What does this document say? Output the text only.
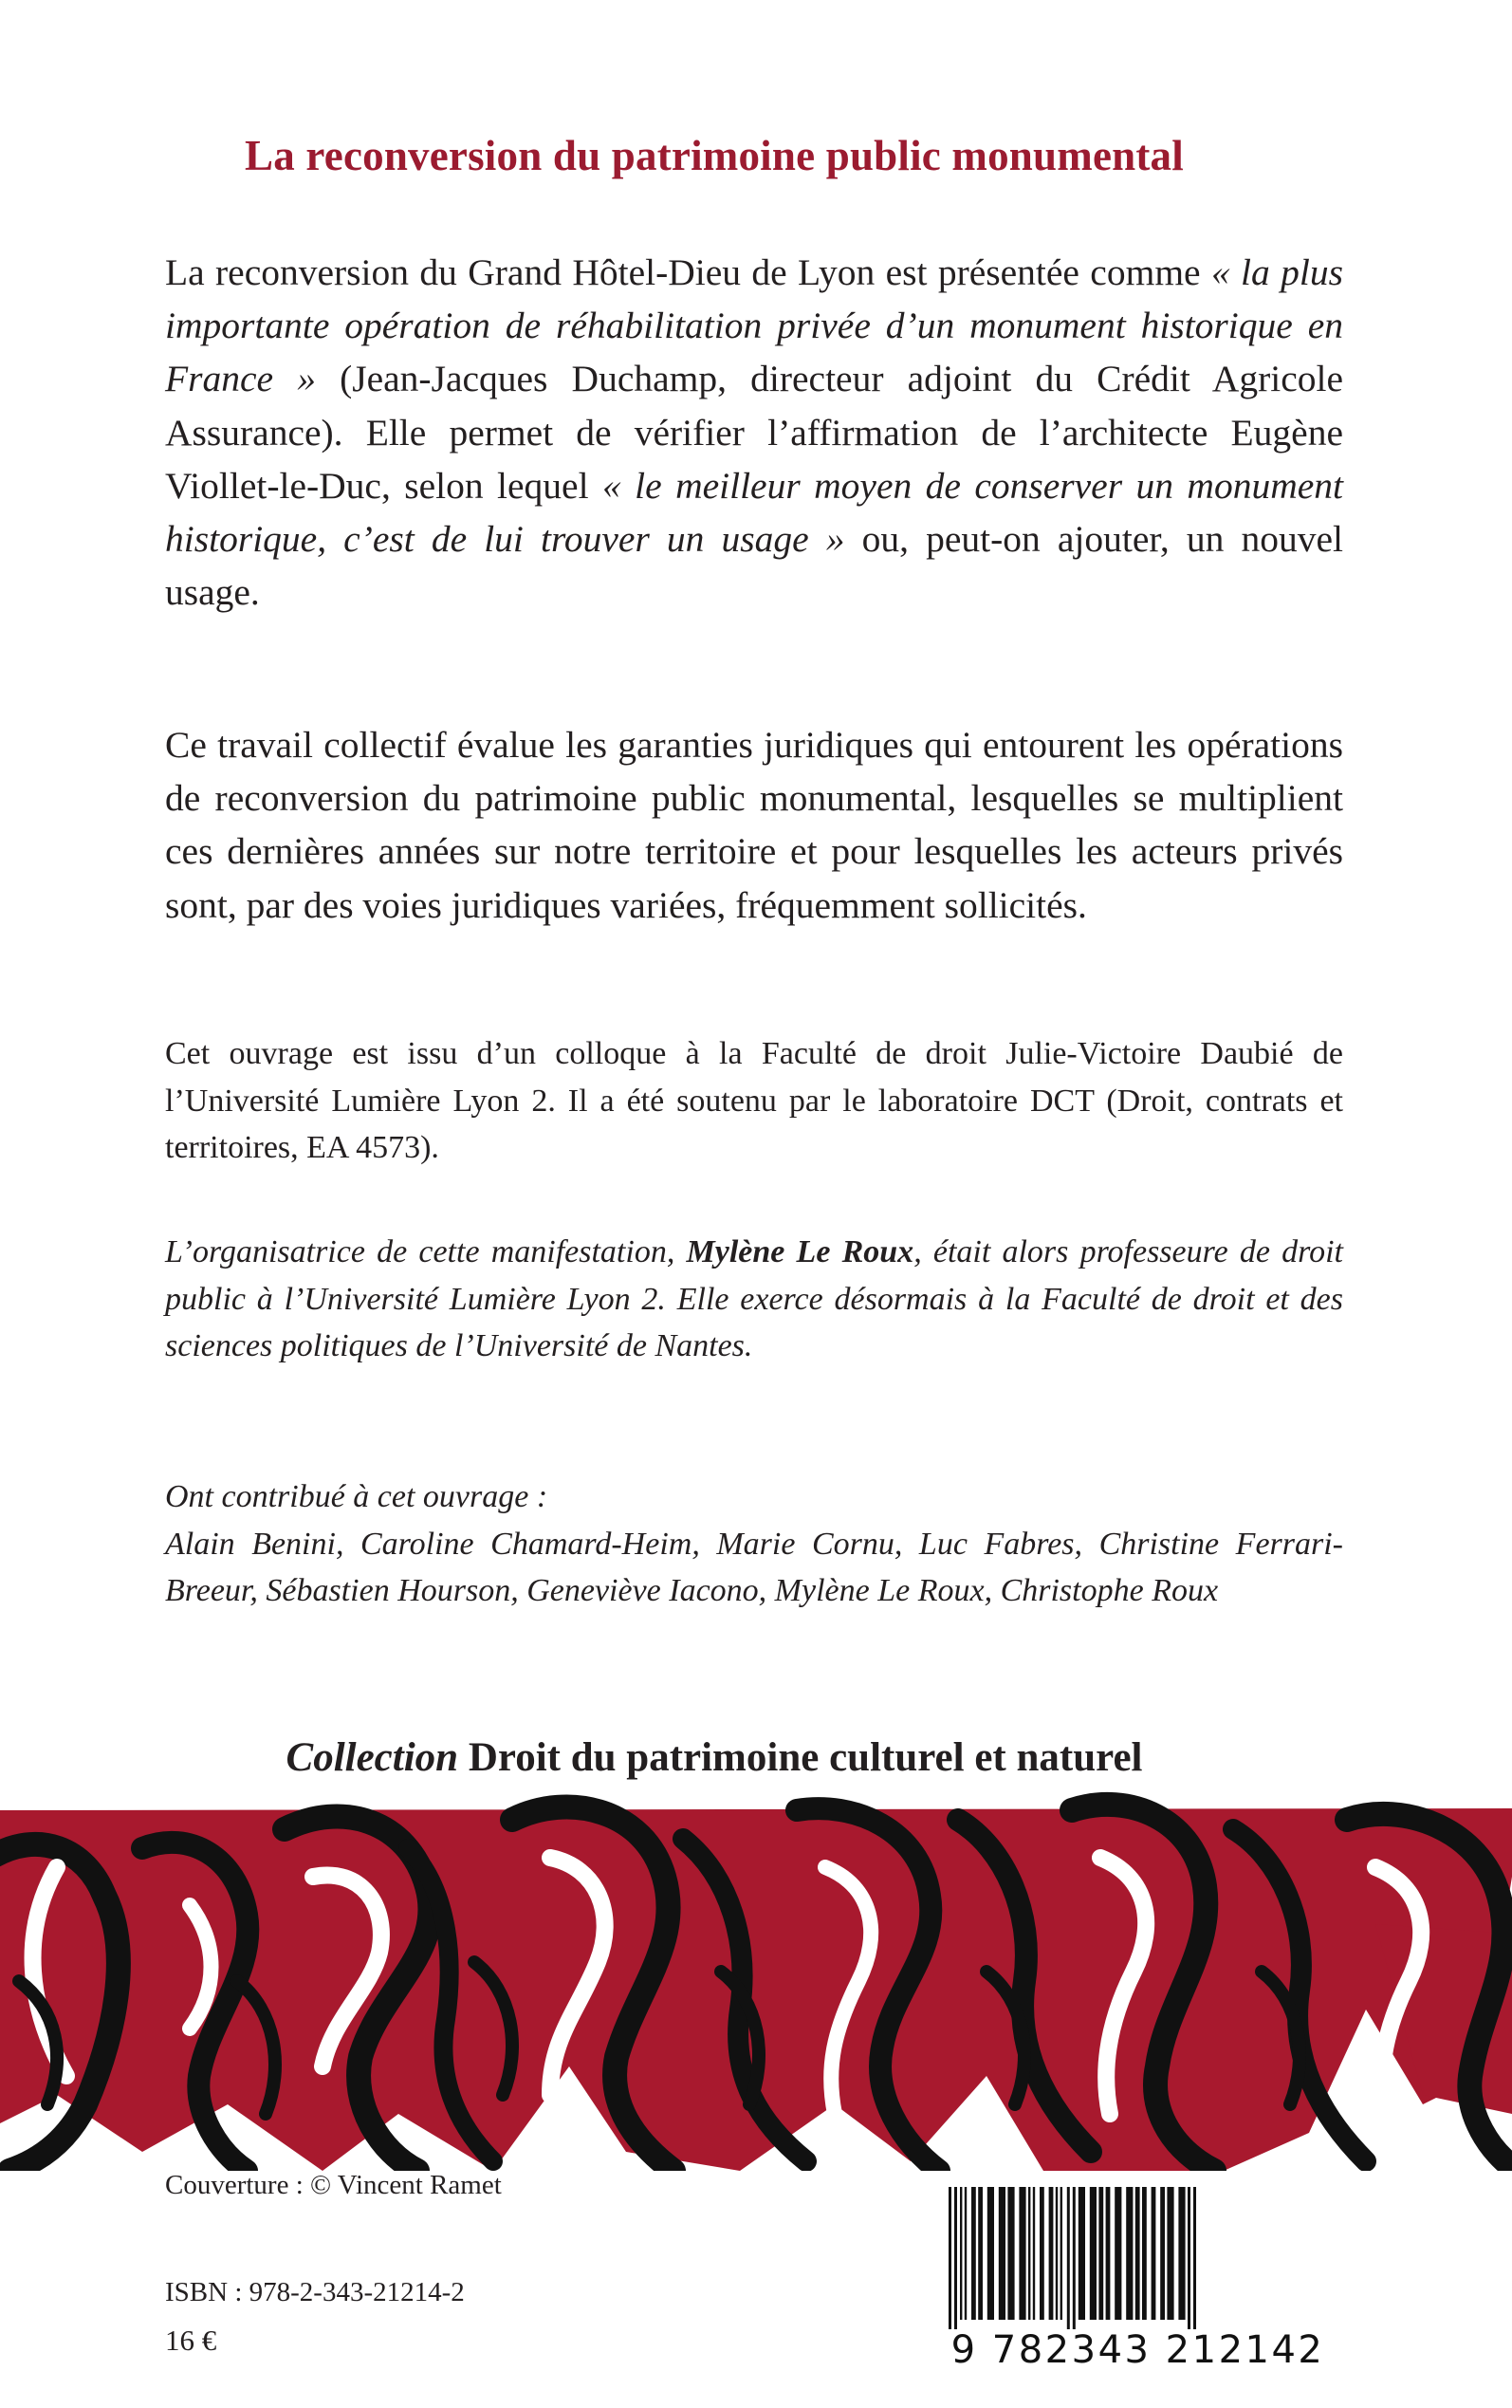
La reconversion du patrimoine public monumental

La reconversion du Grand Hôtel-Dieu de Lyon est présentée comme « la plus importante opération de réhabilitation privée d’un monument historique en France » (Jean-Jacques Duchamp, directeur adjoint du Crédit Agricole Assurance). Elle permet de vérifier l’affirmation de l’architecte Eugène Viollet-le-Duc, selon lequel « le meilleur moyen de conserver un monument historique, c’est de lui trouver un usage » ou, peut-on ajouter, un nouvel usage.

Ce travail collectif évalue les garanties juridiques qui entourent les opérations de reconversion du patrimoine public monumental, lesquelles se multiplient ces dernières années sur notre territoire et pour lesquelles les acteurs privés sont, par des voies juridiques variées, fréquemment sollicités.

Cet ouvrage est issu d’un colloque à la Faculté de droit Julie-Victoire Daubié de l’Université Lumière Lyon 2. Il a été soutenu par le laboratoire DCT (Droit, contrats et territoires, EA 4573).

L’organisatrice de cette manifestation, Mylène Le Roux, était alors professeure de droit public à l’Université Lumière Lyon 2. Elle exerce désormais à la Faculté de droit et des sciences politiques de l’Université de Nantes.

Ont contribué à cet ouvrage :
Alain Benini, Caroline Chamard-Heim, Marie Cornu, Luc Fabres, Christine Ferrari-Breeur, Sébastien Hourson, Geneviève Iacono, Mylène Le Roux, Christophe Roux

Collection Droit du patrimoine culturel et naturel

Couverture : © Vincent Ramet

ISBN : 978-2-343-21214-2

16 €	9 782343 212142
